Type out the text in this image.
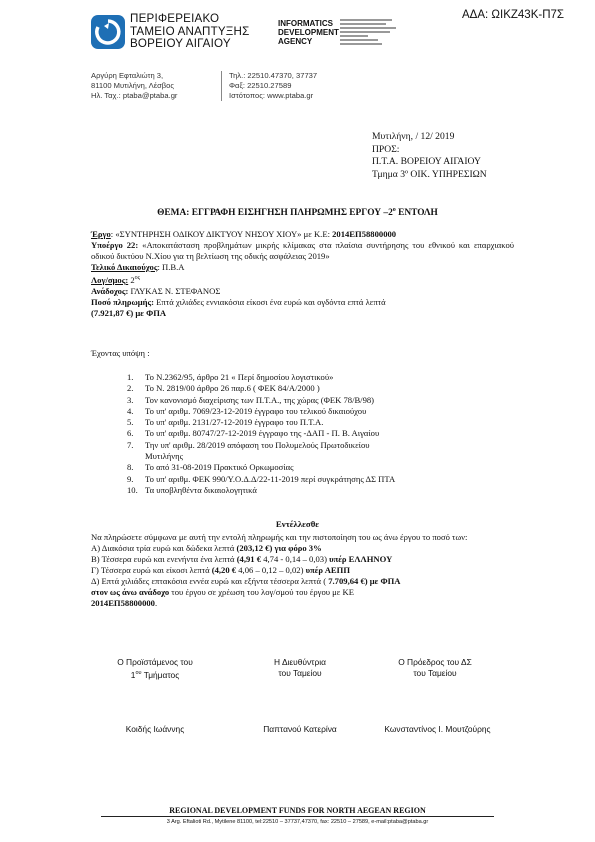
ΑΔΑ: ΩΙΚΖ43Κ-Π7Σ
ΠΕΡΙΦΕΡΕΙΑΚΟ
ΤΑΜΕΙΟ ΑΝΑΠΤΥΞΗΣ
ΒΟΡΕΙΟΥ ΑΙΓΑΙΟΥ
INFORMATICS
DEVELOPMENT
AGENCY
Αργύρη Εφταλιώτη 3,
81100 Μυτιλήνη, Λέσβος
Ηλ. Ταχ.: ptaba@ptaba.gr
Τηλ.: 22510.47370, 37737
Φαξ: 22510.27589
Ιστότοπος: www.ptaba.gr
Μυτιλήνη, / 12/ 2019
ΠΡΟΣ:
Π.Τ.Α. ΒΟΡΕΙΟΥ ΑΙΓΑΙΟΥ
Τμημα 3º ΟΙΚ. ΥΠΗΡΕΣΙΩΝ
ΘΕΜΑ: ΕΓΓΡΑΦΗ ΕΙΣΗΓΗΣΗ ΠΛΗΡΩΜΗΣ ΕΡΓΟΥ $-2^o$ ΕΝΤΟΛΗ
Έργο: «ΣΥΝΤΗΡΗΣΗ ΟΔΙΚΟΥ ΔΙΚΤΥΟΥ ΝΗΣΟΥ ΧΙΟΥ» με Κ.Ε: 2014ΕΠ58800000
Υποέργο 22: «Αποκατάσταση προβλημάτων μικρής κλίμακας στα πλαίσια συντήρησης του εθνικού και επαρχιακού οδικού δικτύου Ν.Χίου για τη βελτίωση της οδικής ασφάλειας 2019»
Τελικό Δικαιούχος: Π.Β.Α
Λογ/σμος: $2^{o\varsigma}$
Ανάδοχος: ΓΛΥΚΑΣ Ν. ΣΤΕΦΑΝΟΣ
Ποσό πληρωμής: Επτά χιλιάδες εννιακόσια είκοσι ένα ευρώ και ογδόντα επτά λεπτά
(7.921,87 €) με ΦΠΑ
Έχοντας υπόψη :
1. Το Ν.2362/95, άρθρο 21 « Περί δημοσίου λογιστικού»
2. Το Ν. 2819/00 άρθρο 26 παρ.6 ( ΦΕΚ 84/Α/2000 )
3. Τον κανονισμό διαχείρισης των Π.Τ.Α., της χώρας (ΦΕΚ 78/Β/98)
4. Το υπ' αριθμ. 7069/23-12-2019 έγγραφο του τελικού δικαιούχου
5. Το υπ' αριθμ. 2131/27-12-2019 έγγραφο του Π.Τ.Α.
6. Το υπ' αριθμ. 80747/27-12-2019 έγγραφο της -ΔΑΠ - Π. Β. Αιγαίου
7. Την υπ' αριθμ. 28/2019 απόφαση του Πολυμελούς Πρωτοδικείου
Μυτιλήνης
8. Το από 31-08-2019 Πρακτικό Ορκωμοσίας
9. Το υπ' αριθμ. ΦΕΚ 990/Υ.Ο.Δ.Δ/22-11-2019 περί συγκράτησης ΔΣ ΠΤΑ
10. Τα υποβληθέντα δικαιολογητικά
Εντέλλεσθε
Να πληρώσετε σύμφωνα με αυτή την εντολή πληρωμής και την πιστοποίηση του ως άνω έργου το ποσό των:
Α) Διακόσια τρία ευρώ και δώδεκα λεπτά (203,12 €) για φόρο 3%
Β) Τέσσερα ευρώ και ενενήντα ένα λεπτά (4,91 € 4,74 - 0,14 – 0,03) υπέρ ΕΛΛΗΝΟΥ
Γ) Τέσσερα ευρώ και είκοσι λεπτά (4,20 € 4,06 – 0,12 – 0,02) υπέρ ΑΕΠΠ
Δ) Επτά χιλιάδες επτακόσια εννέα ευρώ και εξήντα τέσσερα λεπτά ( 7.709,64 €) με ΦΠΑ
στον ως άνω ανάδοχο του έργου σε χρέωση του λογ/σμού του έργου με ΚΕ
2014ΕΠ58800000.
Ο Προϊστάμενος του
$1^{o\upsilon}$ Τμήματος
Η Διευθύντρια
του Ταμείου
Ο Πρόεδρος του ΔΣ
του Ταμείου
Κοιδής Ιωάννης	Παπτανού Κατερίνα	Κωνσταντίνος Ι. Μουτζούρης
REGIONAL DEVELOPMENT FUNDS FOR NORTH AEGEAN REGION
3 Arg. Eftaliotі Rd., Mytilene 81100, tel:22510 – 37737,47370, fax: 22510 – 27589, e-mail:ptaba@ptaba.gr
